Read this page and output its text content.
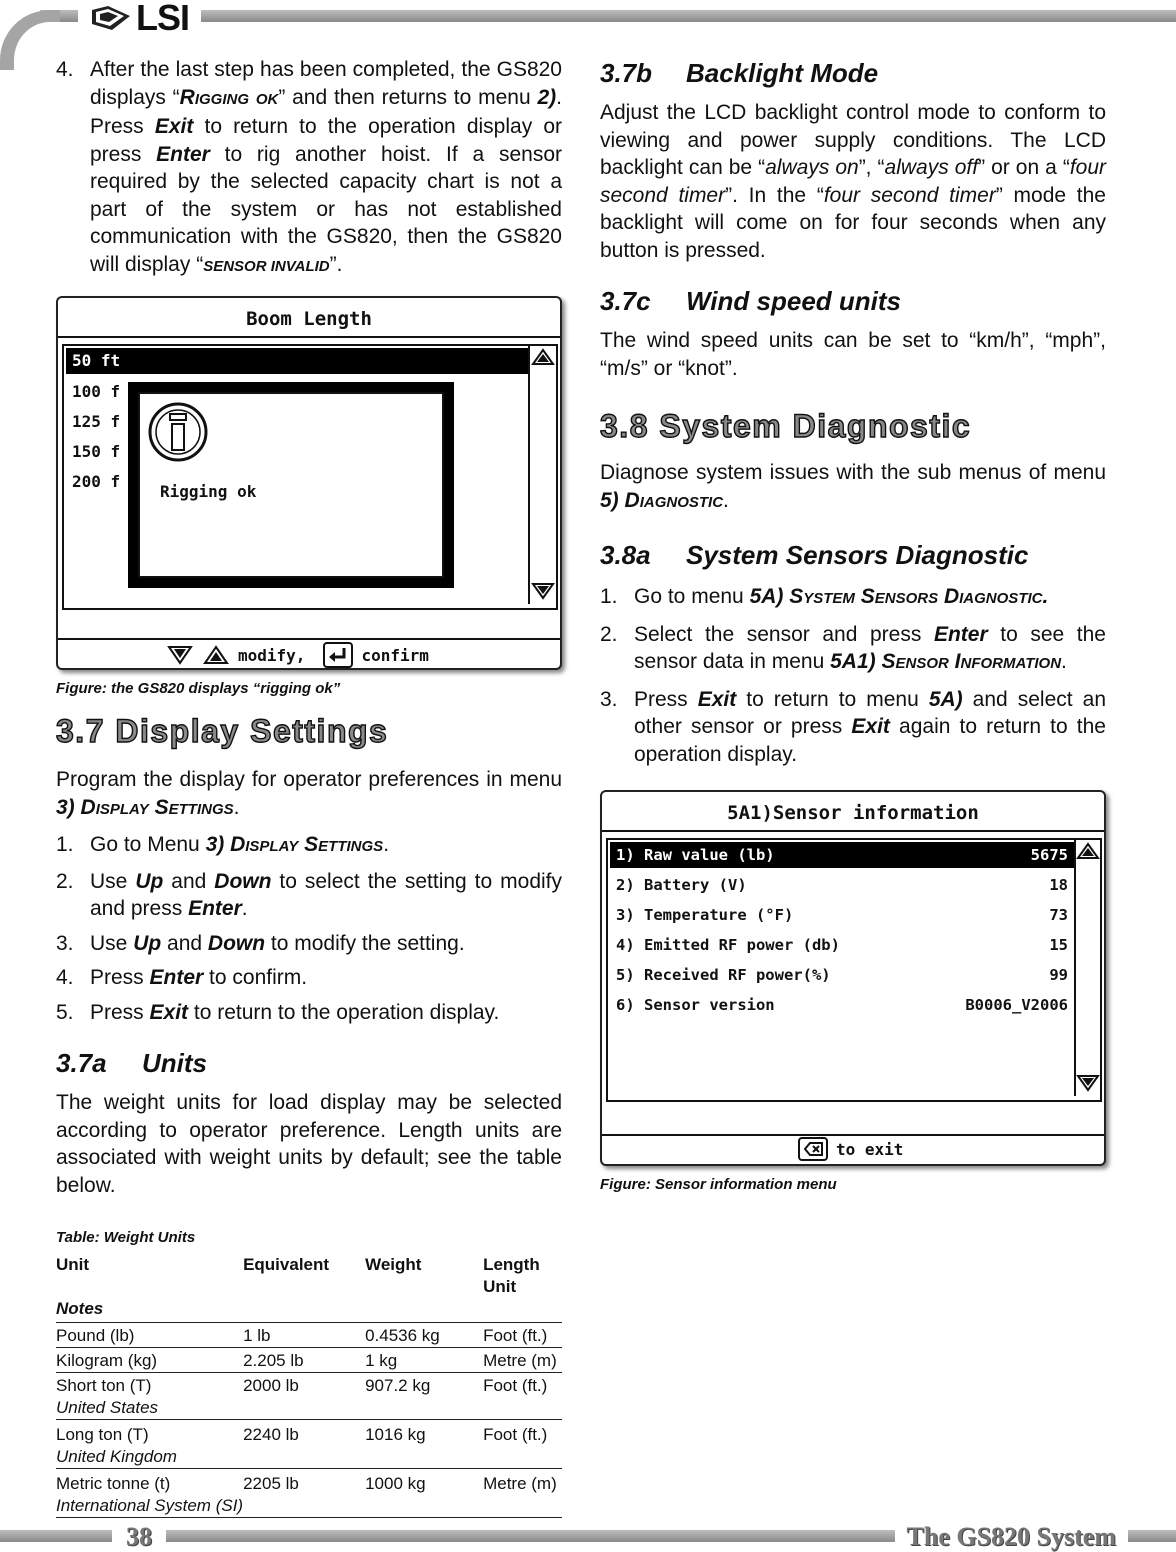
LSI
38	The GS820 System
4. After the last step has been completed, the GS820 displays “RIGGING OK” and then returns to menu 2). Press Exit to return to the operation display or press Enter to rig another hoist. If a sensor required by the selected capacity chart is not a part of the system or has not established communication with the GS820, then the GS820 will display “SENSOR INVALID”.
Boom Length
50 ft
100 f
125 f
150 f
200 f
Rigging ok
modify,	confirm

Figure: the GS820 displays “rigging ok”

3.7 Display Settings

Program the display for operator preferences in menu 3) DISPLAY SETTINGS.

1. Go to Menu 3) DISPLAY SETTINGS.
2. Use Up and Down to select the setting to modify and press Enter.
3. Use Up and Down to modify the setting.
4. Press Enter to confirm.
5. Press Exit to return to the operation display.
3.7a Units

The weight units for load display may be selected according to operator preference. Length units are associated with weight units by default; see the table below.

Table: Weight Units

Unit	Equivalent	Weight	Length Unit
Notes			
Pound (lb)	1 lb	0.4536 kg	Foot (ft.)
Kilogram (kg)	2.205 lb	1 kg	Metre (m)

Short ton (T)
United States	2000 lb	907.2 kg	Foot (ft.)

Long ton (T)
United Kingdom	2240 lb	1016 kg	Foot (ft.)

Metric tonne (t)
International System (SI)	2205 lb	1000 kg	Metre (m)
3.7b Backlight Mode

Adjust the LCD backlight control mode to conform to viewing and power supply conditions. The LCD backlight can be “always on”, “always off” or on a “four second timer”. In the “four second timer” mode the backlight will come on for four seconds when any button is pressed.

3.7c Wind speed units

The wind speed units can be set to “km/h”, “mph”, “m/s” or “knot”.

3.8 System Diagnostic

Diagnose system issues with the sub menus of menu 5) DIAGNOSTIC.

3.8a System Sensors Diagnostic
1. Go to menu 5A) SYSTEM SENSORS DIAGNOSTIC.
2. Select the sensor and press Enter to see the sensor data in menu 5A1) SENSOR INFORMATION.
3. Press Exit to return to menu 5A) and select an other sensor or press Exit again to return to the operation display.
5A1)Sensor information
1) Raw value (lb)	5675
2) Battery (V)	18
3) Temperature (°F)	73
4) Emitted RF power (db)	15
5) Received RF power(%)	99
6) Sensor version	B0006_V2006
to exit

Figure: Sensor information menu
